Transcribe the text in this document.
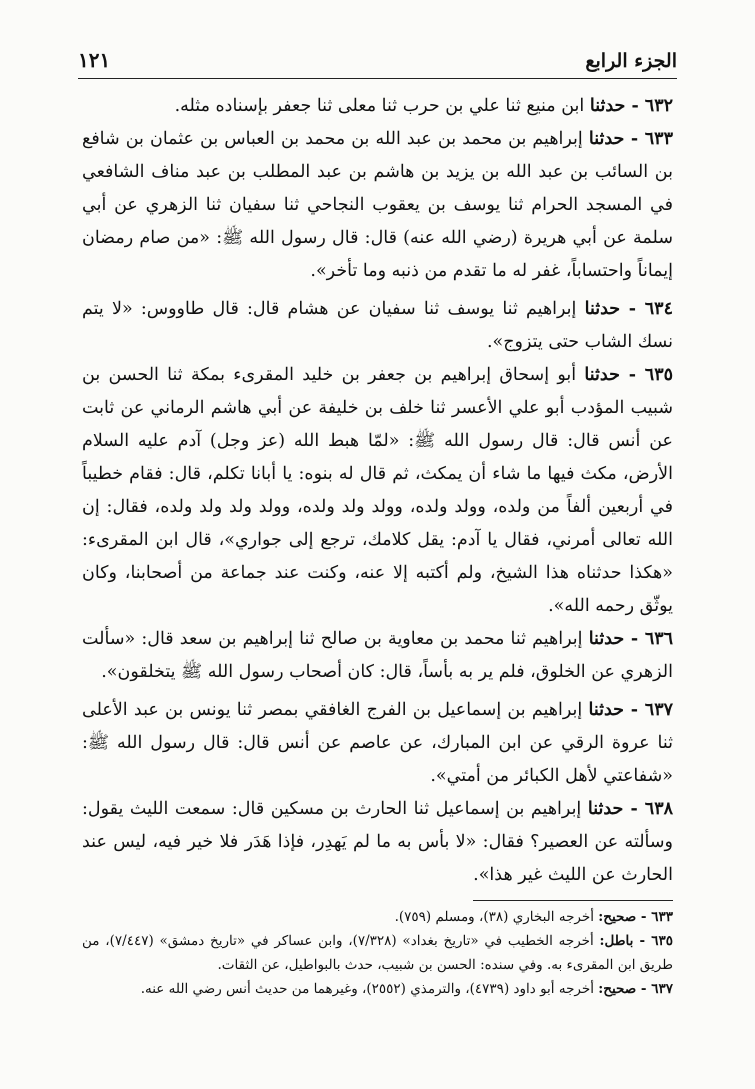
الجزء الرابع
١٢١

٦٣٢ - حدثنا ابن منيع ثنا علي بن حرب ثنا معلى ثنا جعفر بإسناده مثله.

٦٣٣ - حدثنا إبراهيم بن محمد بن عبد الله بن محمد بن العباس بن عثمان بن شافع بن السائب بن عبد الله بن يزيد بن هاشم بن عبد المطلب بن عبد مناف الشافعي في المسجد الحرام ثنا يوسف بن يعقوب النجاحي ثنا سفيان ثنا الزهري عن أبي سلمة عن أبي هريرة (رضي الله عنه) قال: قال رسول الله ﷺ: «من صام رمضان إيماناً واحتساباً، غفر له ما تقدم من ذنبه وما تأخر».

٦٣٤ - حدثنا إبراهيم ثنا يوسف ثنا سفيان عن هشام قال: قال طاووس: «لا يتم نسك الشاب حتى يتزوج».

٦٣٥ - حدثنا أبو إسحاق إبراهيم بن جعفر بن خليد المقرىء بمكة ثنا الحسن بن شبيب المؤدب أبو علي الأعسر ثنا خلف بن خليفة عن أبي هاشم الرماني عن ثابت عن أنس قال: قال رسول الله ﷺ: «لمّا هبط الله (عز وجل) آدم عليه السلام الأرض، مكث فيها ما شاء أن يمكث، ثم قال له بنوه: يا أبانا تكلم، قال: فقام خطيباً في أربعين ألفاً من ولده، وولد ولده، وولد ولد ولده، وولد ولد ولد ولده، فقال: إن الله تعالى أمرني، فقال يا آدم: يقل كلامك، ترجع إلى جواري»، قال ابن المقرىء: «هكذا حدثناه هذا الشيخ، ولم أكتبه إلا عنه، وكنت عند جماعة من أصحابنا، وكان يوثّق رحمه الله».

٦٣٦ - حدثنا إبراهيم ثنا محمد بن معاوية بن صالح ثنا إبراهيم بن سعد قال: «سألت الزهري عن الخلوق، فلم ير به بأساً، قال: كان أصحاب رسول الله ﷺ يتخلقون».

٦٣٧ - حدثنا إبراهيم بن إسماعيل بن الفرج الغافقي بمصر ثنا يونس بن عبد الأعلى ثنا عروة الرقي عن ابن المبارك، عن عاصم عن أنس قال: قال رسول الله ﷺ: «شفاعتي لأهل الكبائر من أمتي».

٦٣٨ - حدثنا إبراهيم بن إسماعيل ثنا الحارث بن مسكين قال: سمعت الليث يقول: وسألته عن العصير؟ فقال: «لا بأس به ما لم يَهدِر، فإذا هَدَر فلا خير فيه، ليس عند الحارث عن الليث غير هذا».

٦٣٣ - صحيح: أخرجه البخاري (٣٨)، ومسلم (٧٥٩).

٦٣٥ - باطل: أخرجه الخطيب في «تاريخ بغداد» (٧/٣٢٨)، وابن عساكر في «تاريخ دمشق» (٧/٤٤٧)، من طريق ابن المقرىء به. وفي سنده: الحسن بن شبيب، حدث بالبواطيل، عن الثقات.

٦٣٧ - صحيح: أخرجه أبو داود (٤٧٣٩)، والترمذي (٢٥٥٢)، وغيرهما من حديث أنس رضي الله عنه.
